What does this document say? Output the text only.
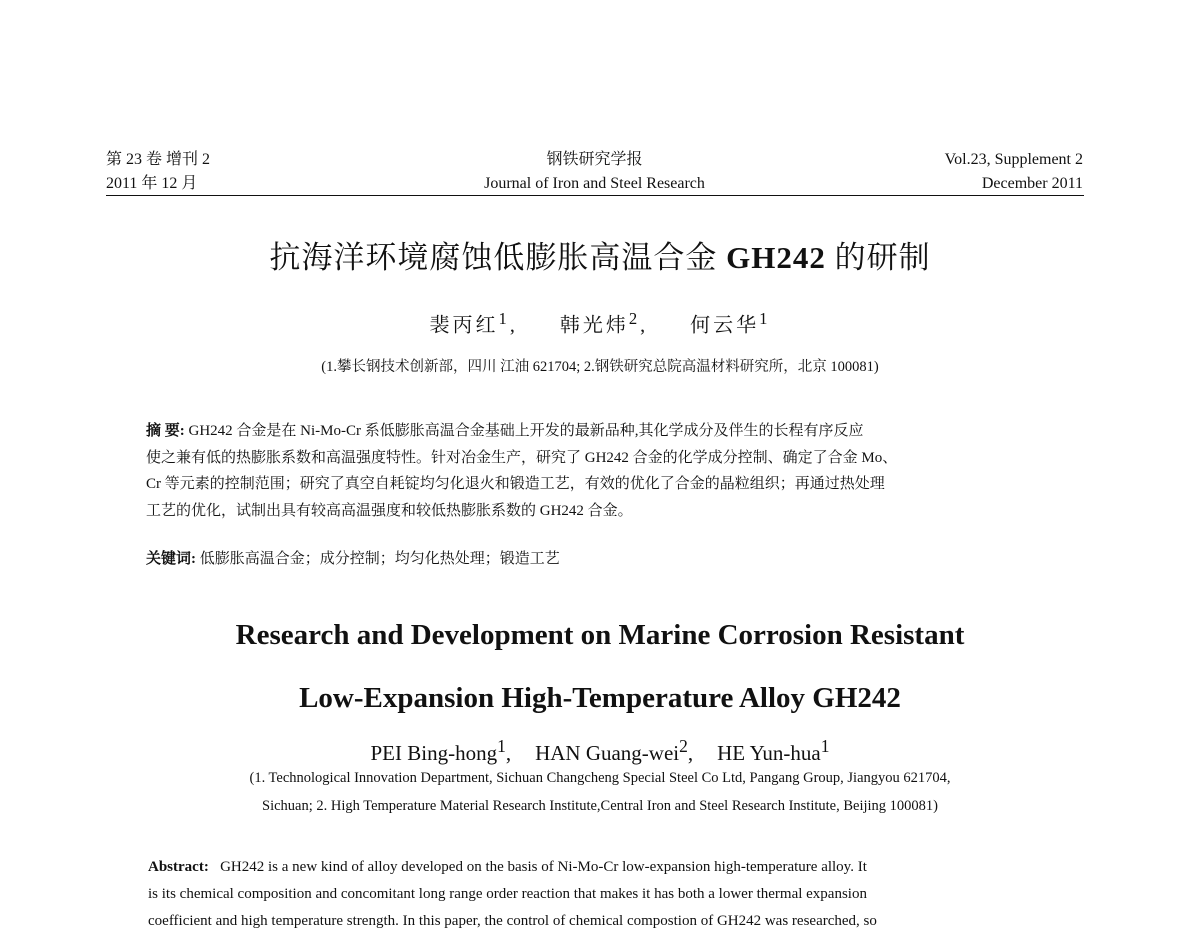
第 23 卷 增刊 2	钢铁研究学报	Vol.23, Supplement 2
2011 年 12 月	Journal of Iron and Steel Research	December 2011
抗海洋环境腐蚀低膨胀高温合金 GH242 的研制
裴丙红$^1$, 韩光炜$^2$, 何云华$^1$
(1.攀长钢技术创新部，四川 江油 621704; 2.钢铁研究总院高温材料研究所，北京 100081)
摘 要: GH242 合金是在 Ni-Mo-Cr 系低膨胀高温合金基础上开发的最新品种,其化学成分及伴生的长程有序反应
使之兼有低的热膨胀系数和高温强度特性。针对冶金生产，研究了 GH242 合金的化学成分控制、确定了合金 Mo、
Cr 等元素的控制范围；研究了真空自耗锭均匀化退火和锻造工艺，有效的优化了合金的晶粒组织；再通过热处理
工艺的优化，试制出具有较高高温强度和较低热膨胀系数的 GH242 合金。
关键词: 低膨胀高温合金；成分控制；均匀化热处理；锻造工艺
Research and Development on Marine Corrosion Resistant
Low-Expansion High-Temperature Alloy GH242
PEI Bing-hong$^1$, HAN Guang-wei$^2$, HE Yun-hua$^1$
(1. Technological Innovation Department, Sichuan Changcheng Special Steel Co Ltd, Pangang Group, Jiangyou 621704,
Sichuan; 2. High Temperature Material Research Institute,Central Iron and Steel Research Institute, Beijing 100081)
Abstract:   GH242 is a new kind of alloy developed on the basis of Ni-Mo-Cr low-expansion high-temperature alloy. It
is its chemical composition and concomitant long range order reaction that makes it has both a lower thermal expansion
coefficient and high temperature strength. In this paper, the control of chemical compostion of GH242 was researched, so
